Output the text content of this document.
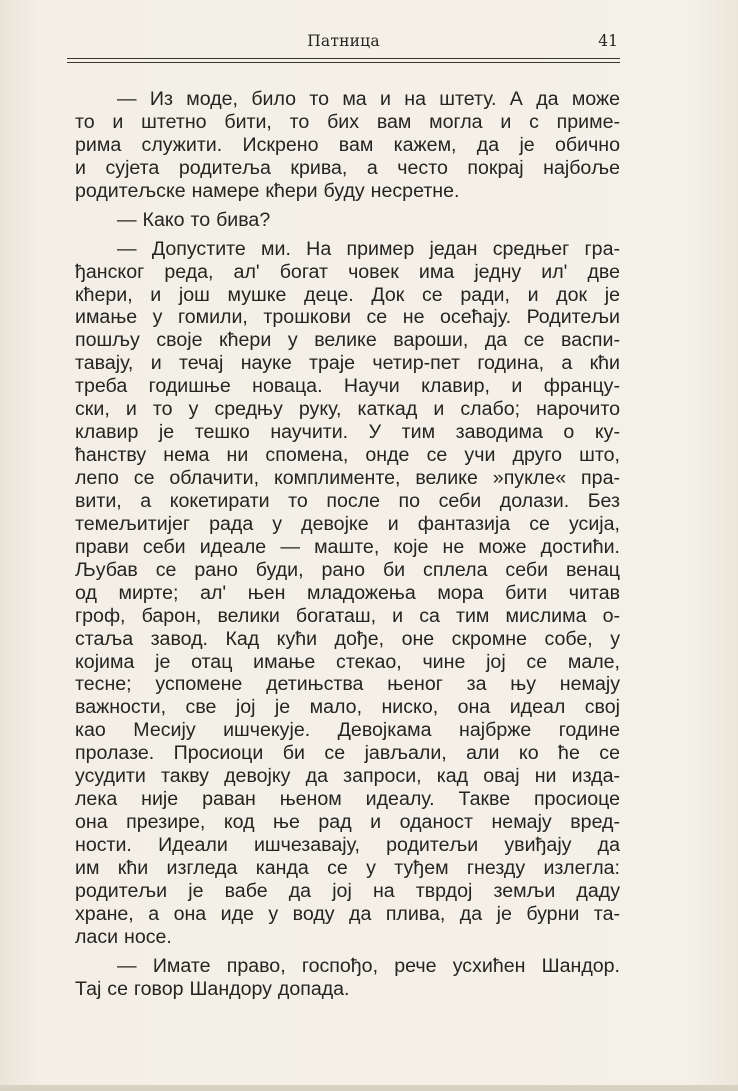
Патница	41
— Из моде, било то ма и на штету. А да може
то и штетно бити, то бих вам могла и с приме-
рима служити. Искрено вам кажем, да је обично
и сујета родитеља крива, а често покрај најбоље
родитељске намере кћери буду несретне.
— Како то бива?
— Допустите ми. На пример један средњег гра-
ђанског реда, ал' богат човек има једну ил' две
кћери, и још мушке деце. Док се ради, и док је
имање у гомили, трошкови се не осећају. Родитељи
пошљу своје кћери у велике вароши, да се васпи-
тавају, и течај науке траје четир-пет година, а кћи
треба годишње новаца. Научи клавир, и францу-
ски, и то у средњу руку, каткад и слабо; нарочито
клавир је тешко научити. У тим заводима о ку-
ћанству нема ни спомена, онде се учи друго што,
лепо се облачити, комплименте, велике »пукле« пра-
вити, а кокетирати то после по себи долази. Без
темељитијег рада у девојке и фантазија се усија,
прави себи идеале — маште, које не може достићи.
Љубав се рано буди, рано би сплела себи венац
од мирте; ал' њен младожења мора бити читав
гроф, барон, велики богаташ, и са тим мислима о-
стаља завод. Кад кући дође, оне скромне собе, у
којима је отац имање стекао, чине јој се мале,
тесне; успомене детињства њеног за њу немају
важности, све јој је мало, ниско, она идеал свој
као Месију ишчекује. Девојкама најбрже године
пролазе. Просиоци би се јављали, али ко ће се
усудити такву девојку да запроси, кад овај ни изда-
лека није раван њеном идеалу. Такве просиоце
она презире, код ње рад и оданост немају вред-
ности. Идеали ишчезавају, родитељи увиђају да
им кћи изгледа канда се у туђем гнезду излегла:
родитељи је вабе да јој на тврдој земљи даду
хране, а она иде у воду да плива, да је бурни та-
ласи носе.
— Имате право, госпођо, рече усхићен Шандор.
Тај се говор Шандору допада.
